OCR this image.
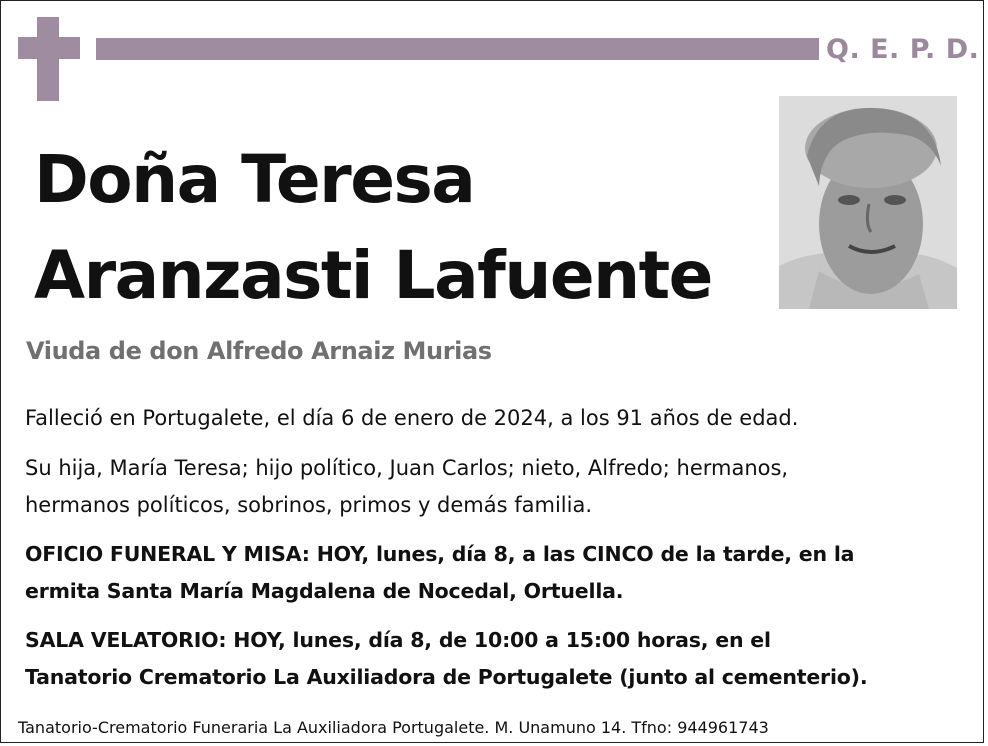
Q. E. P. D.
Doña Teresa
Aranzasti Lafuente
Viuda de don Alfredo Arnaiz Murias

Falleció en Portugalete, el día 6 de enero de 2024, a los 91 años de edad.

Su hija, María Teresa; hijo político, Juan Carlos; nieto, Alfredo; hermanos,
hermanos políticos, sobrinos, primos y demás familia.

OFICIO FUNERAL Y MISA: HOY, lunes, día 8, a las CINCO de la tarde, en la
ermita Santa María Magdalena de Nocedal, Ortuella.

SALA VELATORIO: HOY, lunes, día 8, de 10:00 a 15:00 horas, en el
Tanatorio Crematorio La Auxiliadora de Portugalete (junto al cementerio).

Tanatorio-Crematorio Funeraria La Auxiliadora Portugalete. M. Unamuno 14. Tfno: 944961743
